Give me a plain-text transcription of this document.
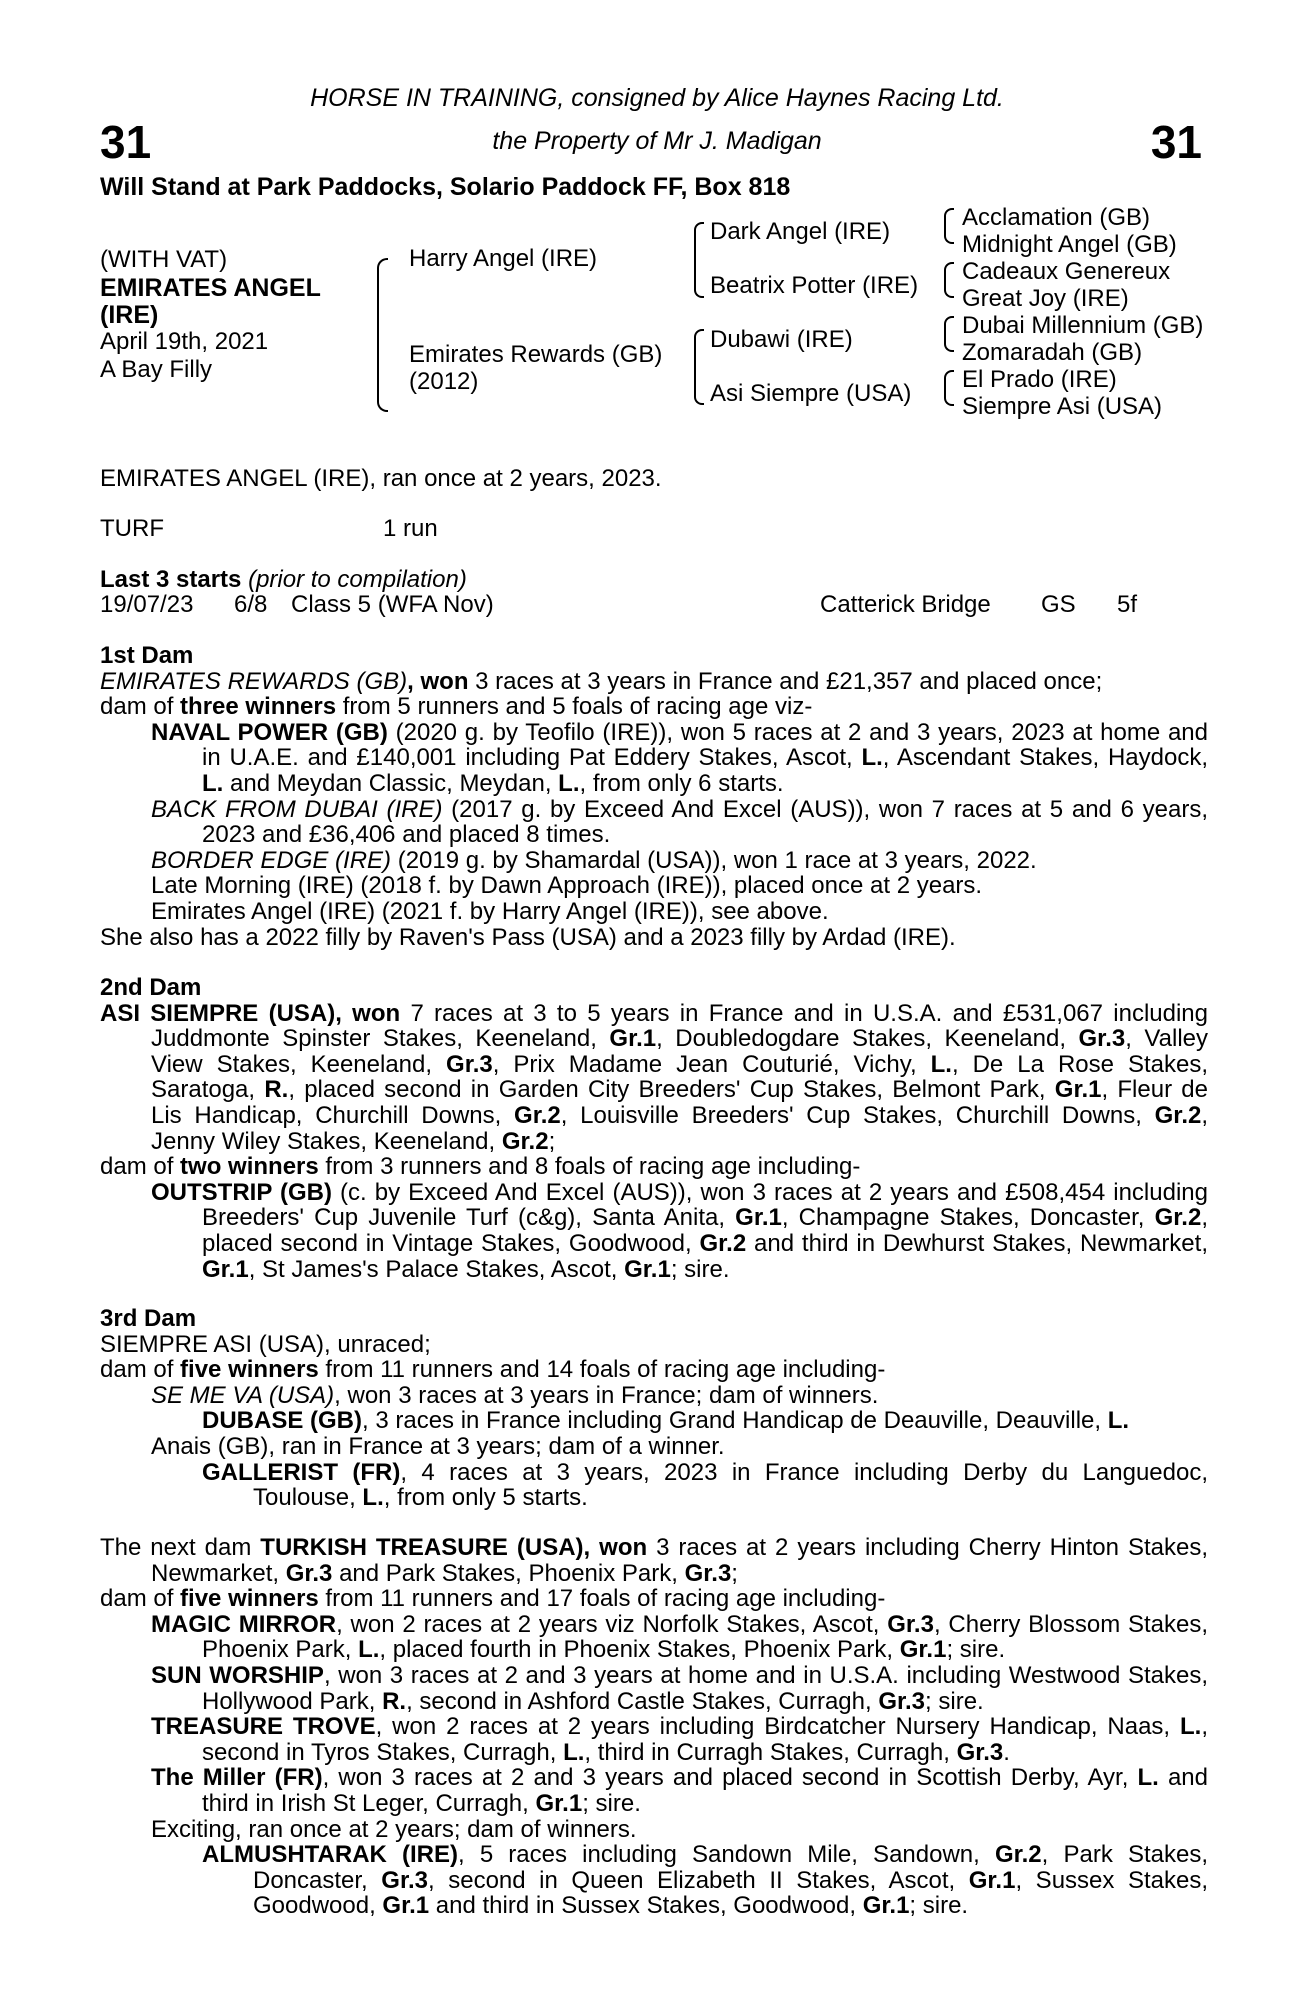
31	31
HORSE IN TRAINING, consigned by Alice Haynes Racing Ltd.
the Property of Mr J. Madigan
Will Stand at Park Paddocks, Solario Paddock FF, Box 818
(WITH VAT)
EMIRATES ANGEL
(IRE)
April 19th, 2021
A Bay Filly
Harry Angel (IRE)
Emirates Rewards (GB)
(2012)
Dark Angel (IRE)
Beatrix Potter (IRE)
Dubawi (IRE)
Asi Siempre (USA)
Acclamation (GB)
Midnight Angel (GB)
Cadeaux Genereux
Great Joy (IRE)
Dubai Millennium (GB)
Zomaradah (GB)
El Prado (IRE)
Siempre Asi (USA)
EMIRATES ANGEL (IRE), ran once at 2 years, 2023.
TURF	1 run
Last 3 starts (prior to compilation)
19/07/23 6/8 Class 5 (WFA Nov)	Catterick Bridge GS 5f

1st Dam

EMIRATES REWARDS (GB), won 3 races at 3 years in France and £21,357 and placed once;

dam of three winners from 5 runners and 5 foals of racing age viz-

NAVAL POWER (GB) (2020 g. by Teofilo (IRE)), won 5 races at 2 and 3 years, 2023 at home and in U.A.E. and £140,001 including Pat Eddery Stakes, Ascot, L., Ascendant Stakes, Haydock, L. and Meydan Classic, Meydan, L., from only 6 starts.

BACK FROM DUBAI (IRE) (2017 g. by Exceed And Excel (AUS)), won 7 races at 5 and 6 years, 2023 and £36,406 and placed 8 times.

BORDER EDGE (IRE) (2019 g. by Shamardal (USA)), won 1 race at 3 years, 2022.

Late Morning (IRE) (2018 f. by Dawn Approach (IRE)), placed once at 2 years.

Emirates Angel (IRE) (2021 f. by Harry Angel (IRE)), see above.

She also has a 2022 filly by Raven's Pass (USA) and a 2023 filly by Ardad (IRE).

2nd Dam

ASI SIEMPRE (USA), won 7 races at 3 to 5 years in France and in U.S.A. and £531,067 including Juddmonte Spinster Stakes, Keeneland, Gr.1, Doubledogdare Stakes, Keeneland, Gr.3, Valley View Stakes, Keeneland, Gr.3, Prix Madame Jean Couturié, Vichy, L., De La Rose Stakes, Saratoga, R., placed second in Garden City Breeders' Cup Stakes, Belmont Park, Gr.1, Fleur de Lis Handicap, Churchill Downs, Gr.2, Louisville Breeders' Cup Stakes, Churchill Downs, Gr.2, Jenny Wiley Stakes, Keeneland, Gr.2;

dam of two winners from 3 runners and 8 foals of racing age including-

OUTSTRIP (GB) (c. by Exceed And Excel (AUS)), won 3 races at 2 years and £508,454 including Breeders' Cup Juvenile Turf (c&g), Santa Anita, Gr.1, Champagne Stakes, Doncaster, Gr.2, placed second in Vintage Stakes, Goodwood, Gr.2 and third in Dewhurst Stakes, Newmarket, Gr.1, St James's Palace Stakes, Ascot, Gr.1; sire.

3rd Dam

SIEMPRE ASI (USA), unraced;

dam of five winners from 11 runners and 14 foals of racing age including-

SE ME VA (USA), won 3 races at 3 years in France; dam of winners.

DUBASE (GB), 3 races in France including Grand Handicap de Deauville, Deauville, L.

Anais (GB), ran in France at 3 years; dam of a winner.

GALLERIST (FR), 4 races at 3 years, 2023 in France including Derby du Languedoc, Toulouse, L., from only 5 starts.

The next dam TURKISH TREASURE (USA), won 3 races at 2 years including Cherry Hinton Stakes, Newmarket, Gr.3 and Park Stakes, Phoenix Park, Gr.3;

dam of five winners from 11 runners and 17 foals of racing age including-

MAGIC MIRROR, won 2 races at 2 years viz Norfolk Stakes, Ascot, Gr.3, Cherry Blossom Stakes, Phoenix Park, L., placed fourth in Phoenix Stakes, Phoenix Park, Gr.1; sire.

SUN WORSHIP, won 3 races at 2 and 3 years at home and in U.S.A. including Westwood Stakes, Hollywood Park, R., second in Ashford Castle Stakes, Curragh, Gr.3; sire.

TREASURE TROVE, won 2 races at 2 years including Birdcatcher Nursery Handicap, Naas, L., second in Tyros Stakes, Curragh, L., third in Curragh Stakes, Curragh, Gr.3.

The Miller (FR), won 3 races at 2 and 3 years and placed second in Scottish Derby, Ayr, L. and third in Irish St Leger, Curragh, Gr.1; sire.

Exciting, ran once at 2 years; dam of winners.

ALMUSHTARAK (IRE), 5 races including Sandown Mile, Sandown, Gr.2, Park Stakes, Doncaster, Gr.3, second in Queen Elizabeth II Stakes, Ascot, Gr.1, Sussex Stakes, Goodwood, Gr.1 and third in Sussex Stakes, Goodwood, Gr.1; sire.
